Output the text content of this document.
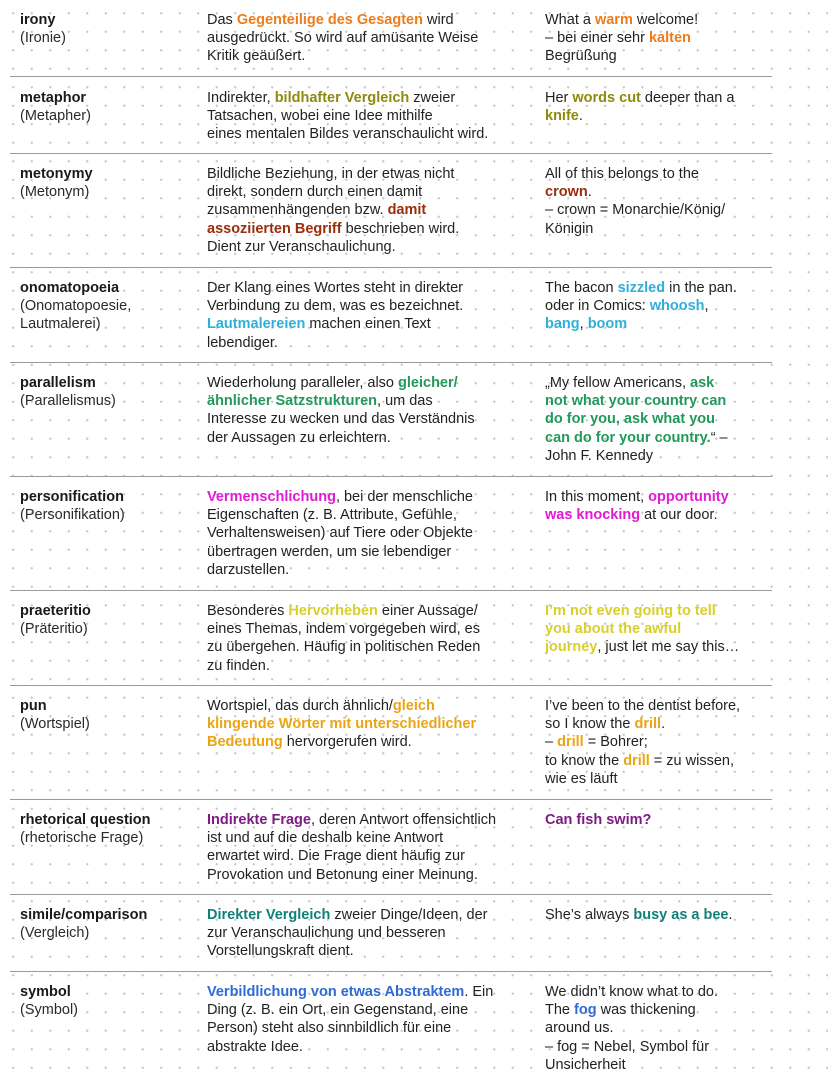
irony
(Ironie)
Das Gegenteilige des Gesagten wird
ausgedrückt. So wird auf amüsante Weise
Kritik geäußert.
What a warm welcome!
– bei einer sehr kalten
Begrüßung
metaphor
(Metapher)
Indirekter, bildhafter Vergleich zweier
Tatsachen, wobei eine Idee mithilfe
eines mentalen Bildes veranschaulicht wird.
Her words cut deeper than a
knife.
metonymy
(Metonym)
Bildliche Beziehung, in der etwas nicht
direkt, sondern durch einen damit
zusammenhängenden bzw. damit
assoziierten Begriff beschrieben wird.
Dient zur Veranschaulichung.
All of this belongs to the
crown.
– crown = Monarchie/König/
Königin
onomatopoeia
(Onomatopoesie,
Lautmalerei)
Der Klang eines Wortes steht in direkter
Verbindung zu dem, was es bezeichnet.
Lautmalereien machen einen Text
lebendiger.
The bacon sizzled in the pan.
oder in Comics: whoosh,
bang, boom
parallelism
(Parallelismus)
Wiederholung paralleler, also gleicher/
ähnlicher Satzstrukturen, um das
Interesse zu wecken und das Verständnis
der Aussagen zu erleichtern.
„My fellow Americans, ask
not what your country can
do for you, ask what you
can do for your country.“ –
John F. Kennedy
personification
(Personifikation)
Vermenschlichung, bei der menschliche
Eigenschaften (z. B. Attribute, Gefühle,
Verhaltensweisen) auf Tiere oder Objekte
übertragen werden, um sie lebendiger
darzustellen.
In this moment, opportunity
was knocking at our door.
praeteritio
(Präteritio)
Besonderes Hervorheben einer Aussage/
eines Themas, indem vorgegeben wird, es
zu übergehen. Häufig in politischen Reden
zu finden.
I’m not even going to tell
you about the awful
journey, just let me say this…
pun
(Wortspiel)
Wortspiel, das durch ähnlich/gleich
klingende Wörter mit unterschiedlicher
Bedeutung hervorgerufen wird.
I’ve been to the dentist before,
so I know the drill.
– drill = Bohrer;
to know the drill = zu wissen,
wie es läuft
rhetorical question
(rhetorische Frage)
Indirekte Frage, deren Antwort offensichtlich
ist und auf die deshalb keine Antwort
erwartet wird. Die Frage dient häufig zur
Provokation und Betonung einer Meinung.
Can fish swim?
simile/comparison
(Vergleich)
Direkter Vergleich zweier Dinge/Ideen, der
zur Veranschaulichung und besseren
Vorstellungskraft dient.
She’s always busy as a bee.
symbol
(Symbol)
Verbildlichung von etwas Abstraktem. Ein
Ding (z. B. ein Ort, ein Gegenstand, eine
Person) steht also sinnbildlich für eine
abstrakte Idee.
We didn’t know what to do.
The fog was thickening
around us.
– fog = Nebel, Symbol für
Unsicherheit
